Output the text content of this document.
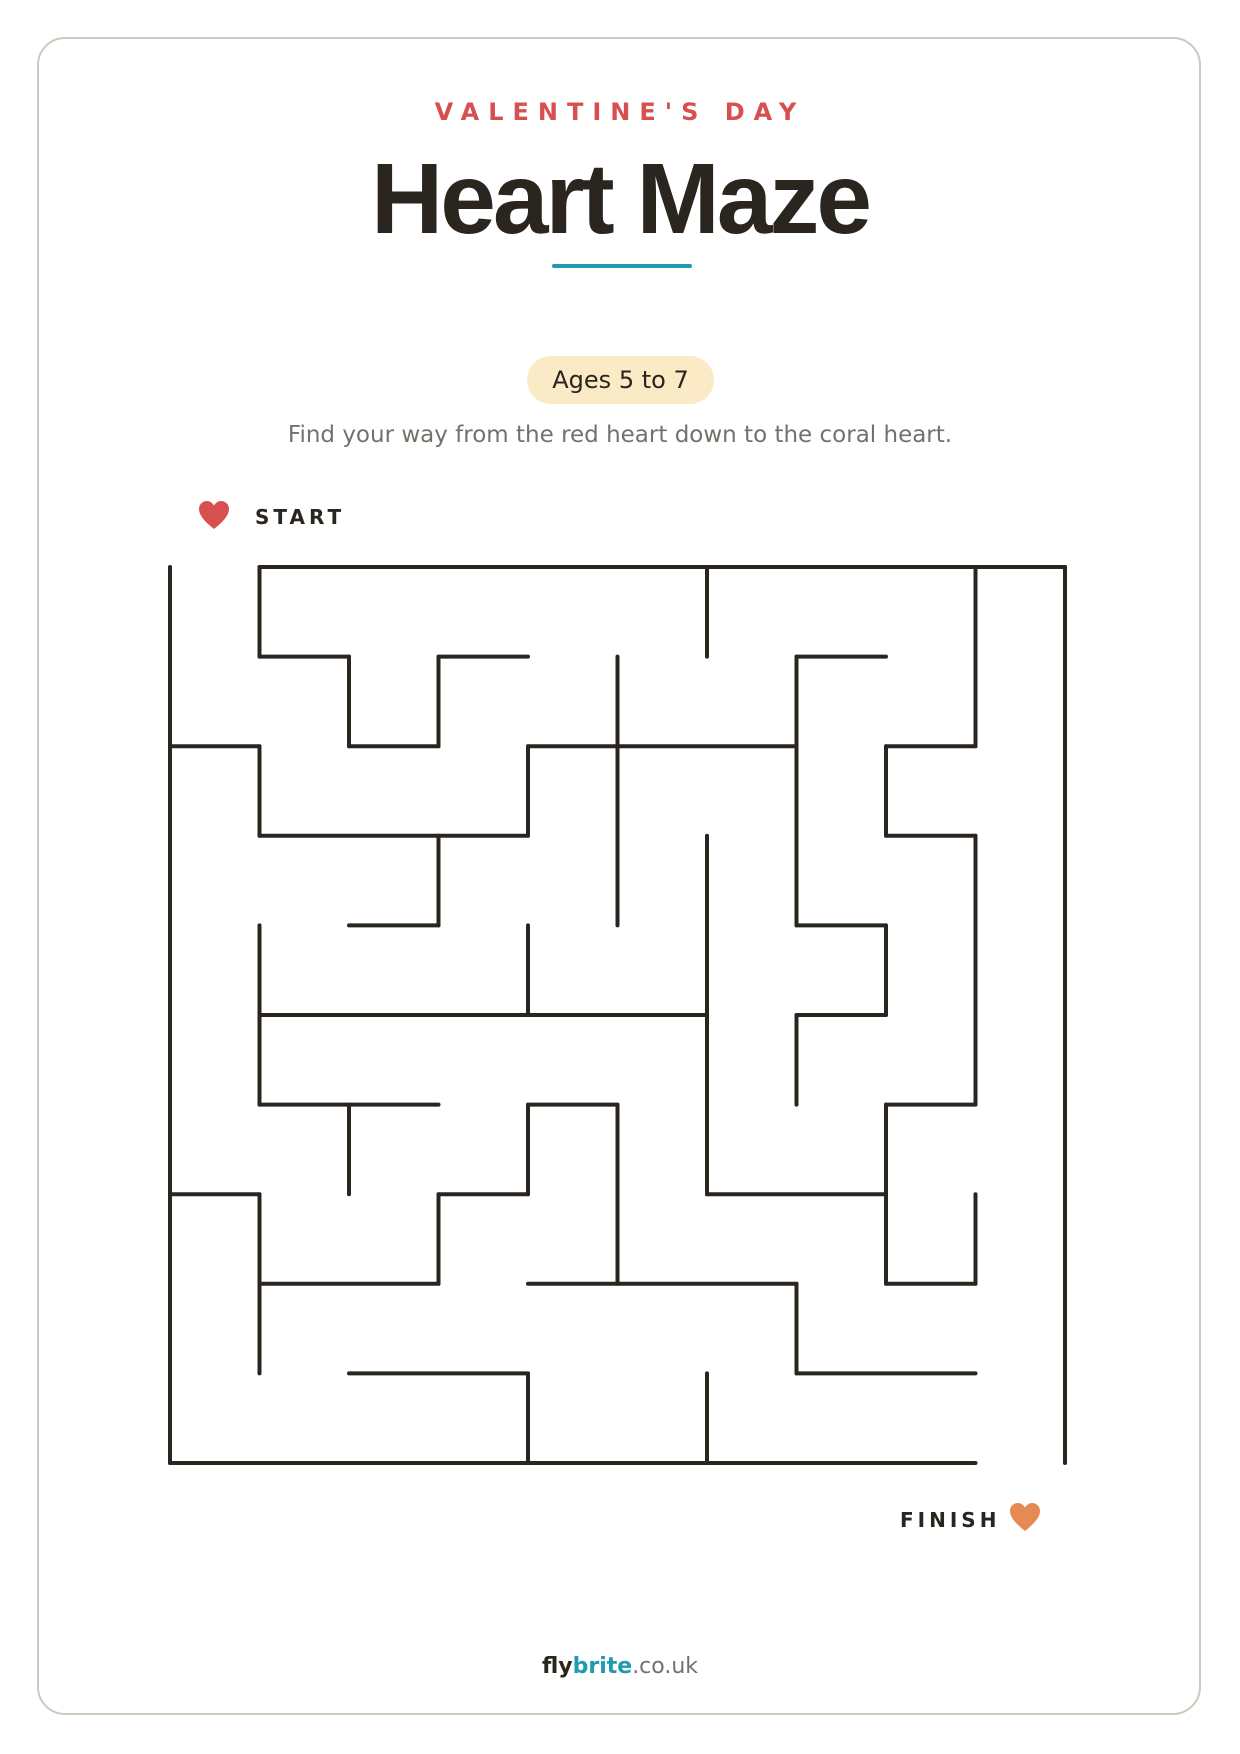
VALENTINE'S DAY
Heart Maze
Ages 5 to 7
Find your way from the red heart down to the coral heart.
START
FINISH
flybrite.co.uk
